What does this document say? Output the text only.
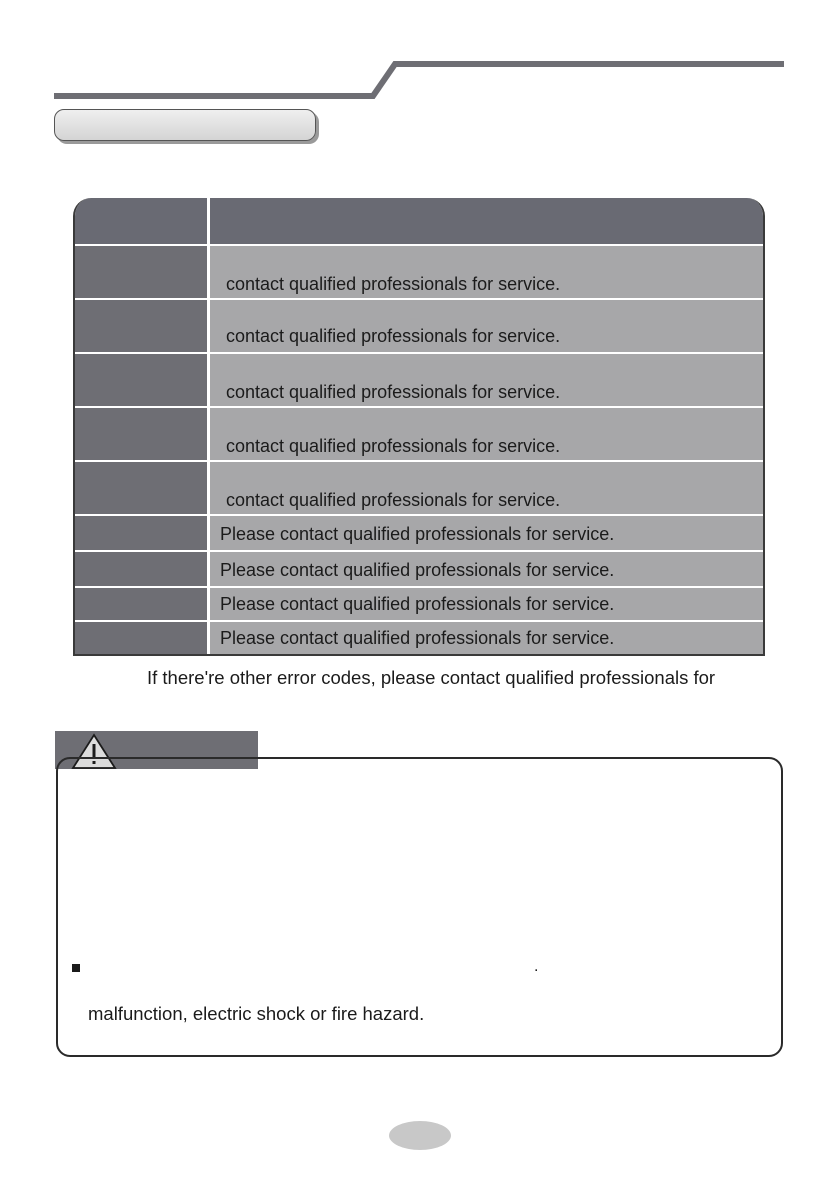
contact qualified professionals for service.
contact qualified professionals for service.
contact qualified professionals for service.
contact qualified professionals for service.
contact qualified professionals for service.
Please contact qualified professionals for service.
Please contact qualified professionals for service.
Please contact qualified professionals for service.
Please contact qualified professionals for service.
If there're other error codes, please contact qualified professionals for
.
malfunction, electric shock or fire hazard.
